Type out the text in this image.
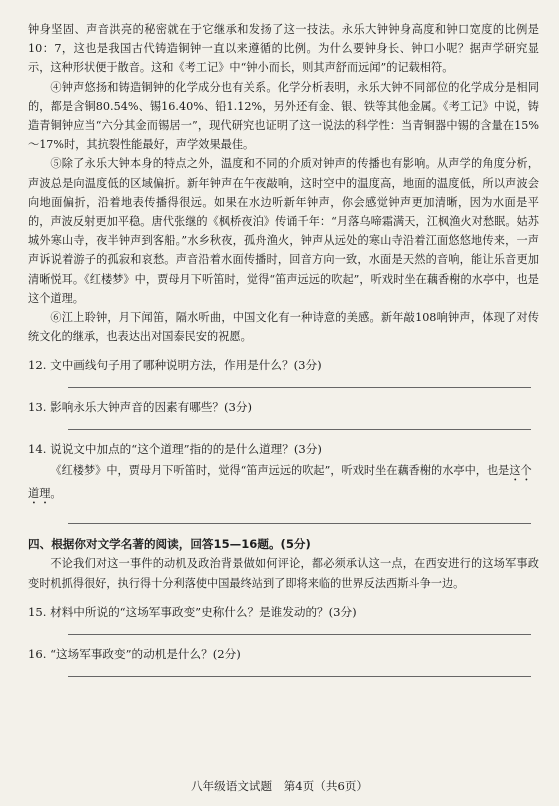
钟身坚固、声音洪亮的秘密就在于它继承和发扬了这一技法。永乐大钟钟身高度和钟口宽度的比例是10：7，这也是我国古代铸造铜钟一直以来遵循的比例。为什么要钟身长、钟口小呢？据声学研究显示，这种形状便于散音。这和《考工记》中“钟小而长，则其声舒而远闻”的记载相符。

④钟声悠扬和铸造铜钟的化学成分也有关系。化学分析表明，永乐大钟不同部位的化学成分是相同的，都是含铜80.54%、锡16.40%、铅1.12%，另外还有金、银、铁等其他金属。《考工记》中说，铸造青铜钟应当“六分其金而锡居一”，现代研究也证明了这一说法的科学性：当青铜器中锡的含量在15%～17%时，其抗裂性能最好，声学效果最佳。

⑤除了永乐大钟本身的特点之外，温度和不同的介质对钟声的传播也有影响。从声学的角度分析，声波总是向温度低的区域偏折。新年钟声在午夜敲响，这时空中的温度高，地面的温度低，所以声波会向地面偏折，沿着地表传播得很远。如果在水边听新年钟声，你会感觉钟声更加清晰，因为水面是平的，声波反射更加平稳。唐代张继的《枫桥夜泊》传诵千年：“月落乌啼霜满天，江枫渔火对愁眠。姑苏城外寒山寺，夜半钟声到客船。”水乡秋夜，孤舟渔火，钟声从远处的寒山寺沿着江面悠悠地传来，一声声诉说着游子的孤寂和哀愁。声音沿着水面传播时，回音方向一致，水面是天然的音响，能让乐音更加清晰悦耳。《红楼梦》中，贾母月下听笛时，觉得“笛声远远的吹起”，听戏时坐在藕香榭的水亭中，也是这个道理。

⑥江上聆钟，月下闻笛，隔水听曲，中国文化有一种诗意的美感。新年敲108响钟声，体现了对传统文化的继承，也表达出对国泰民安的祝愿。

12. 文中画线句子用了哪种说明方法，作用是什么？(3分)

13. 影响永乐大钟声音的因素有哪些？(3分)

14. 说说文中加点的“这个道理”指的的是什么道理？(3分)

《红楼梦》中，贾母月下听笛时，觉得“笛声远远的吹起”，听戏时坐在藕香榭的水亭中，也是这个道理。

四、根据你对文学名著的阅读，回答15—16题。(5分)

不论我们对这一事件的动机及政治背景做如何评论，都必须承认这一点，在西安进行的这场军事政变时机抓得很好，执行得十分利落使中国最终站到了即将来临的世界反法西斯斗争一边。

15. 材料中所说的“这场军事政变”史称什么？是谁发动的？(3分)

16. “这场军事政变”的动机是什么？(2分)

八年级语文试题　第4页（共6页）
